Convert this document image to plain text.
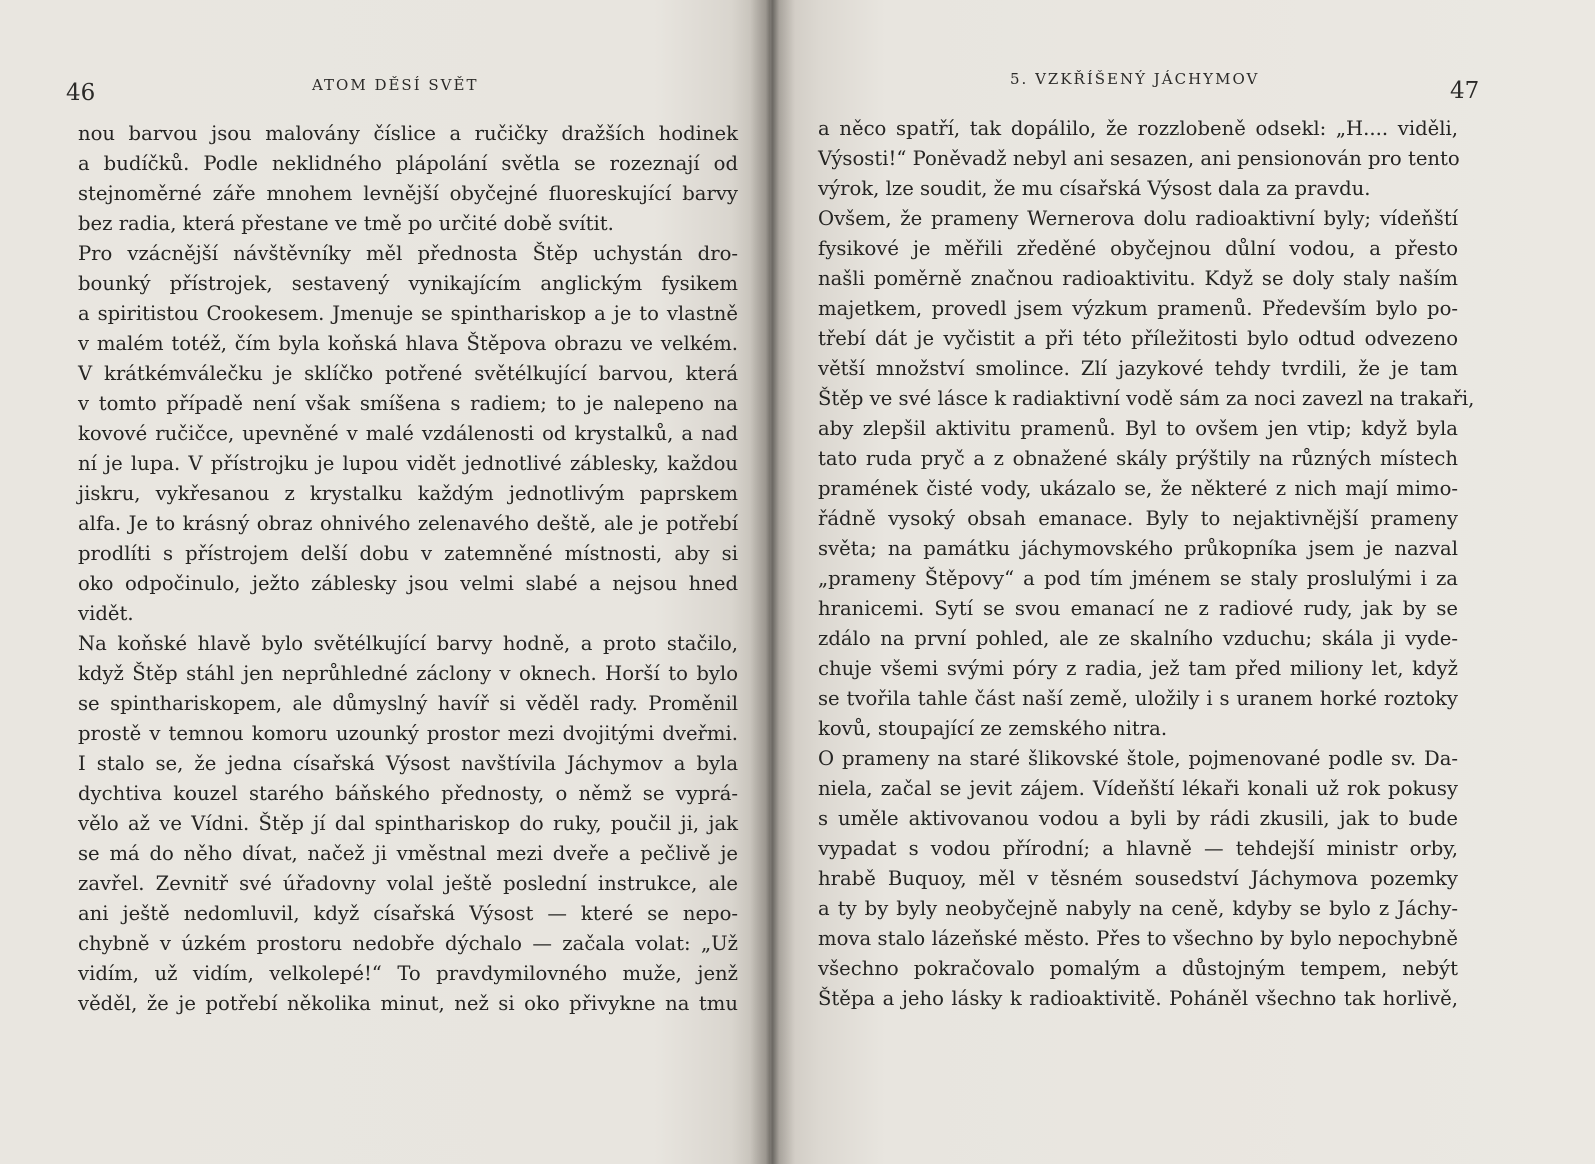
46	ATOM DĚSÍ SVĚT
nou barvou jsou malovány číslice a ručičky dražších hodinek
a budíčků. Podle neklidného plápolání světla se rozeznají od
stejnoměrné záře mnohem levnější obyčejné fluoreskující barvy
bez radia, která přestane ve tmě po určité době svítit.
Pro vzácnější návštěvníky měl přednosta Štěp uchystán dro-
bounký přístrojek, sestavený vynikajícím anglickým fysikem
a spiritistou Crookesem. Jmenuje se spinthariskop a je to vlastně
v malém totéž, čím byla koňská hlava Štěpova obrazu ve velkém.
V krátkémválečku je sklíčko potřené světélkující barvou, která
v tomto případě není však smíšena s radiem; to je nalepeno na
kovové ručičce, upevněné v malé vzdálenosti od krystalků, a nad
ní je lupa. V přístrojku je lupou vidět jednotlivé záblesky, každou
jiskru, vykřesanou z krystalku každým jednotlivým paprskem
alfa. Je to krásný obraz ohnivého zelenavého deště, ale je potřebí
prodlíti s přístrojem delší dobu v zatemněné místnosti, aby si
oko odpočinulo, ježto záblesky jsou velmi slabé a nejsou hned
vidět.
Na koňské hlavě bylo světélkující barvy hodně, a proto stačilo,
když Štěp stáhl jen neprůhledné záclony v oknech. Horší to bylo
se spinthariskopem, ale důmyslný havíř si věděl rady. Proměnil
prostě v temnou komoru uzounký prostor mezi dvojitými dveřmi.
I stalo se, že jedna císařská Výsost navštívila Jáchymov a byla
dychtiva kouzel starého báňského přednosty, o němž se vyprá-
vělo až ve Vídni. Štěp jí dal spinthariskop do ruky, poučil ji, jak
se má do něho dívat, načež ji vměstnal mezi dveře a pečlivě je
zavřel. Zevnitř své úřadovny volal ještě poslední instrukce, ale
ani ještě nedomluvil, když císařská Výsost — které se nepo-
chybně v úzkém prostoru nedobře dýchalo — začala volat: „Už
vidím, už vidím, velkolepé!“ To pravdymilovného muže, jenž
věděl, že je potřebí několika minut, než si oko přivykne na tmu
5. VZKŘÍŠENÝ JÁCHYMOV	47
a něco spatří, tak dopálilo, že rozzlobeně odsekl: „H.... viděli,
Výsosti!“ Poněvadž nebyl ani sesazen, ani pensionován pro tento
výrok, lze soudit, že mu císařská Výsost dala za pravdu.
Ovšem, že prameny Wernerova dolu radioaktivní byly; vídeňští
fysikové je měřili zředěné obyčejnou důlní vodou, a přesto
našli poměrně značnou radioaktivitu. Když se doly staly naším
majetkem, provedl jsem výzkum pramenů. Především bylo po-
třebí dát je vyčistit a při této příležitosti bylo odtud odvezeno
větší množství smolince. Zlí jazykové tehdy tvrdili, že je tam
Štěp ve své lásce k radiaktivní vodě sám za noci zavezl na trakaři,
aby zlepšil aktivitu pramenů. Byl to ovšem jen vtip; když byla
tato ruda pryč a z obnažené skály prýštily na různých místech
pramének čisté vody, ukázalo se, že některé z nich mají mimo-
řádně vysoký obsah emanace. Byly to nejaktivnější prameny
světa; na památku jáchymovského průkopníka jsem je nazval
„prameny Štěpovy“ a pod tím jménem se staly proslulými i za
hranicemi. Sytí se svou emanací ne z radiové rudy, jak by se
zdálo na první pohled, ale ze skalního vzduchu; skála ji vyde-
chuje všemi svými póry z radia, jež tam před miliony let, když
se tvořila tahle část naší země, uložily i s uranem horké roztoky
kovů, stoupající ze zemského nitra.
O prameny na staré šlikovské štole, pojmenované podle sv. Da-
niela, začal se jevit zájem. Vídeňští lékaři konali už rok pokusy
s uměle aktivovanou vodou a byli by rádi zkusili, jak to bude
vypadat s vodou přírodní; a hlavně — tehdejší ministr orby,
hrabě Buquoy, měl v těsném sousedství Jáchymova pozemky
a ty by byly neobyčejně nabyly na ceně, kdyby se bylo z Jáchy-
mova stalo lázeňské město. Přes to všechno by bylo nepochybně
všechno pokračovalo pomalým a důstojným tempem, nebýt
Štěpa a jeho lásky k radioaktivitě. Poháněl všechno tak horlivě,
